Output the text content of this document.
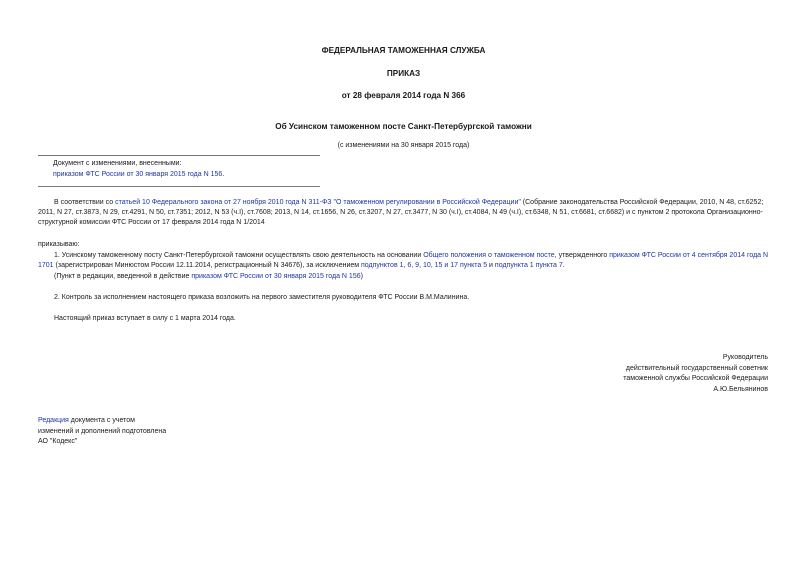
ФЕДЕРАЛЬНАЯ ТАМОЖЕННАЯ СЛУЖБА
ПРИКАЗ
от 28 февраля 2014 года N 366
Об Усинском таможенном посте Санкт-Петербургской таможни
(с изменениями на 30 января 2015 года)
Документ с изменениями, внесенными:
приказом ФТС России от 30 января 2015 года N 156.
В соответствии со статьей 10 Федерального закона от 27 ноября 2010 года N 311-ФЗ "О таможенном регулировании в Российской Федерации" (Собрание законодательства Российской Федерации, 2010, N 48, ст.6252; 2011, N 27, ст.3873, N 29, ст.4291, N 50, ст.7351; 2012, N 53 (ч.I), ст.7608; 2013, N 14, ст.1656, N 26, ст.3207, N 27, ст.3477, N 30 (ч.I), ст.4084, N 49 (ч.I), ст.6348, N 51, ст.6681, ст.6682) и с пунктом 2 протокола Организационно-структурной комиссии ФТС России от 17 февраля 2014 года N 1/2014
приказываю:
1. Усинскому таможенному посту Санкт-Петербургской таможни осуществлять свою деятельность на основании Общего положения о таможенном посте, утвержденного приказом ФТС России от 4 сентября 2014 года N 1701 (зарегистрирован Минюстом России 12.11.2014, регистрационный N 34676), за исключением подпунктов 1, 6, 9, 10, 15 и 17 пункта 5 и подпункта 1 пункта 7.
(Пункт в редакции, введенной в действие приказом ФТС России от 30 января 2015 года N 156)
2. Контроль за исполнением настоящего приказа возложить на первого заместителя руководителя ФТС России В.М.Малинина.
Настоящий приказ вступает в силу с 1 марта 2014 года.
Руководитель
действительный государственный советник
таможенной службы Российской Федерации
А.Ю.Бельянинов
Редакция документа с учетом
изменений и дополнений подготовлена
АО "Кодекс"
